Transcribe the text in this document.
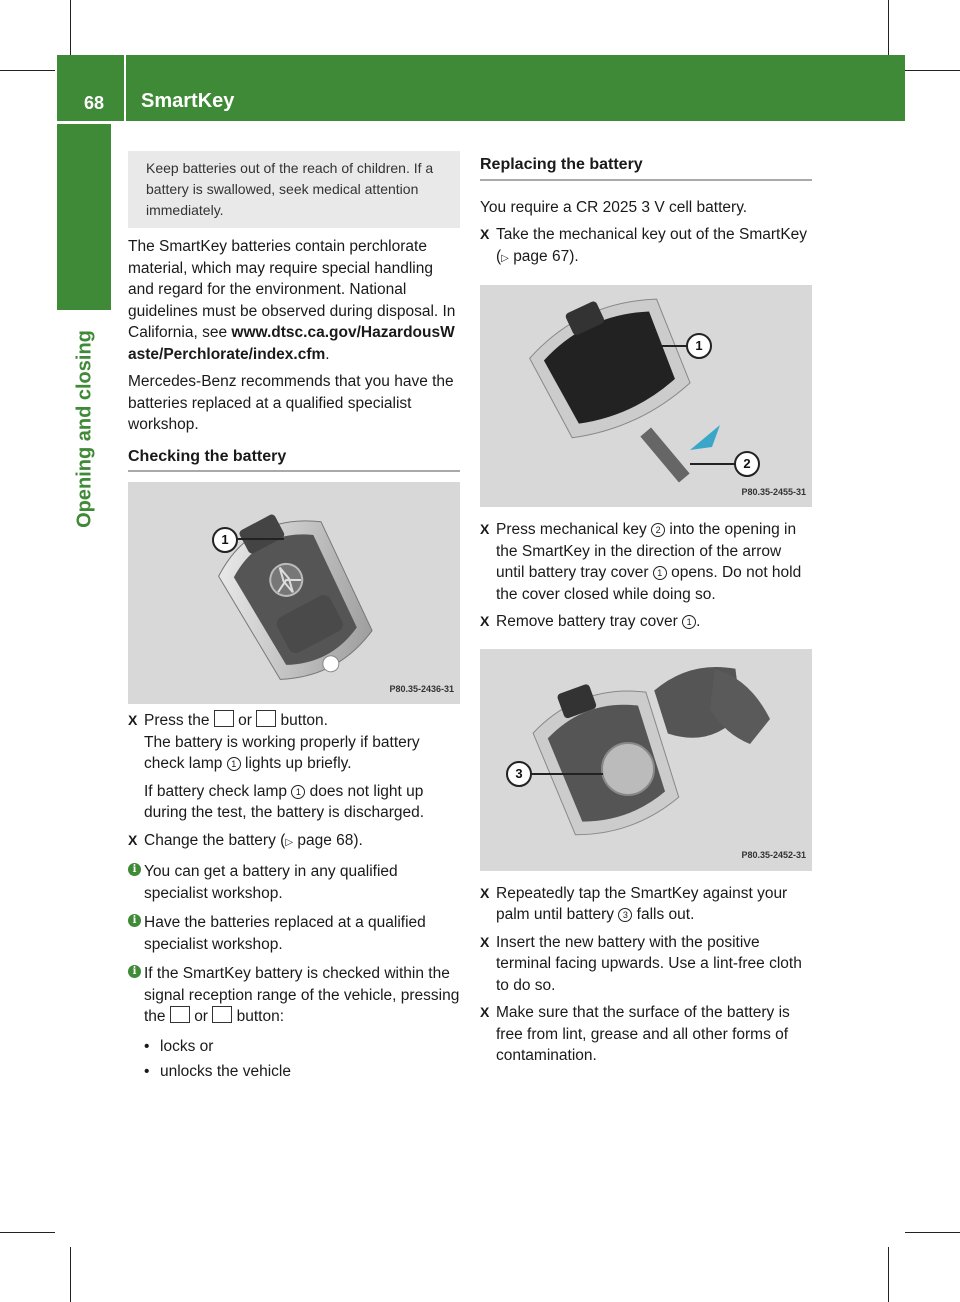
68 SmartKey
Opening and closing
Keep batteries out of the reach of children. If a battery is swallowed, seek medical attention immediately.

The SmartKey batteries contain perchlorate material, which may require special handling and regard for the environment. National guidelines must be observed during disposal. In California, see www.dtsc.ca.gov/HazardousWaste/Perchlorate/index.cfm.

Mercedes-Benz recommends that you have the batteries replaced at a qualified specialist workshop.

Checking the battery
1
P80.35-2436-31
X Press the or button.
The battery is working properly if battery check lamp 1 lights up briefly.
If battery check lamp 1 does not light up during the test, the battery is discharged.
X Change the battery (▷ page 68).
i You can get a battery in any qualified specialist workshop.
i Have the batteries replaced at a qualified specialist workshop.
i If the SmartKey battery is checked within the signal reception range of the vehicle, pressing the or button:
• locks or
• unlocks the vehicle
Replacing the battery

You require a CR 2025 3 V cell battery.

X Take the mechanical key out of the SmartKey (▷ page 67).
1
2
P80.35-2455-31
X Press mechanical key 2 into the opening in the SmartKey in the direction of the arrow until battery tray cover 1 opens. Do not hold the cover closed while doing so.
X Remove battery tray cover 1 .
3
P80.35-2452-31
X Repeatedly tap the SmartKey against your palm until battery 3 falls out.
X Insert the new battery with the positive terminal facing upwards. Use a lint-free cloth to do so.
X Make sure that the surface of the battery is free from lint, grease and all other forms of contamination.
